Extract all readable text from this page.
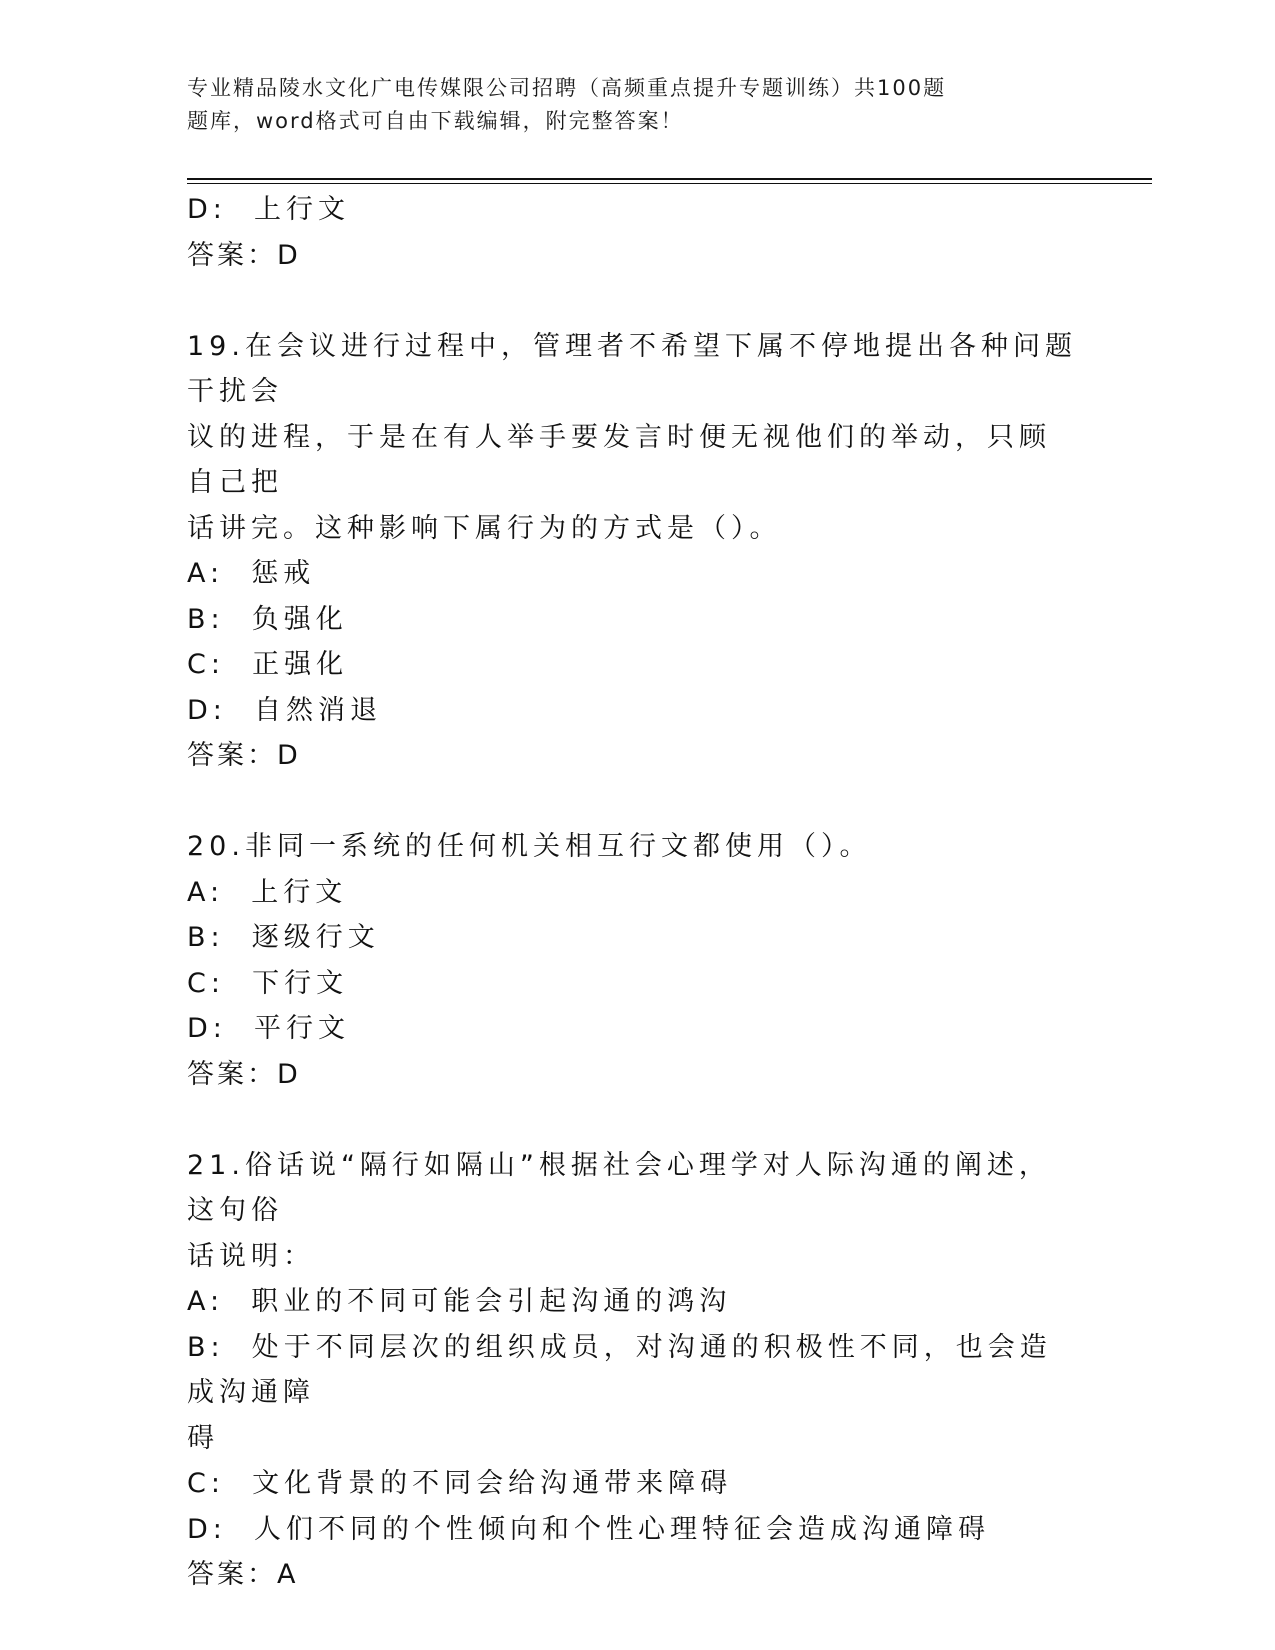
专业精品陵水文化广电传媒限公司招聘（高频重点提升专题训练）共100题
题库，word格式可自由下载编辑，附完整答案！
D:  上行文
答案：D
19.在会议进行过程中，管理者不希望下属不停地提出各种问题干扰会
议的进程，于是在有人举手要发言时便无视他们的举动，只顾自己把
话讲完。这种影响下属行为的方式是（）。
A:  惩戒
B:  负强化
C:  正强化
D:  自然消退
答案：D
20.非同一系统的任何机关相互行文都使用（）。
A:  上行文
B:  逐级行文
C:  下行文
D:  平行文
答案：D
21.俗话说“隔行如隔山”根据社会心理学对人际沟通的阐述，这句俗
话说明：
A:  职业的不同可能会引起沟通的鸿沟
B:  处于不同层次的组织成员，对沟通的积极性不同，也会造成沟通障
碍
C:  文化背景的不同会给沟通带来障碍
D:  人们不同的个性倾向和个性心理特征会造成沟通障碍
答案：A
